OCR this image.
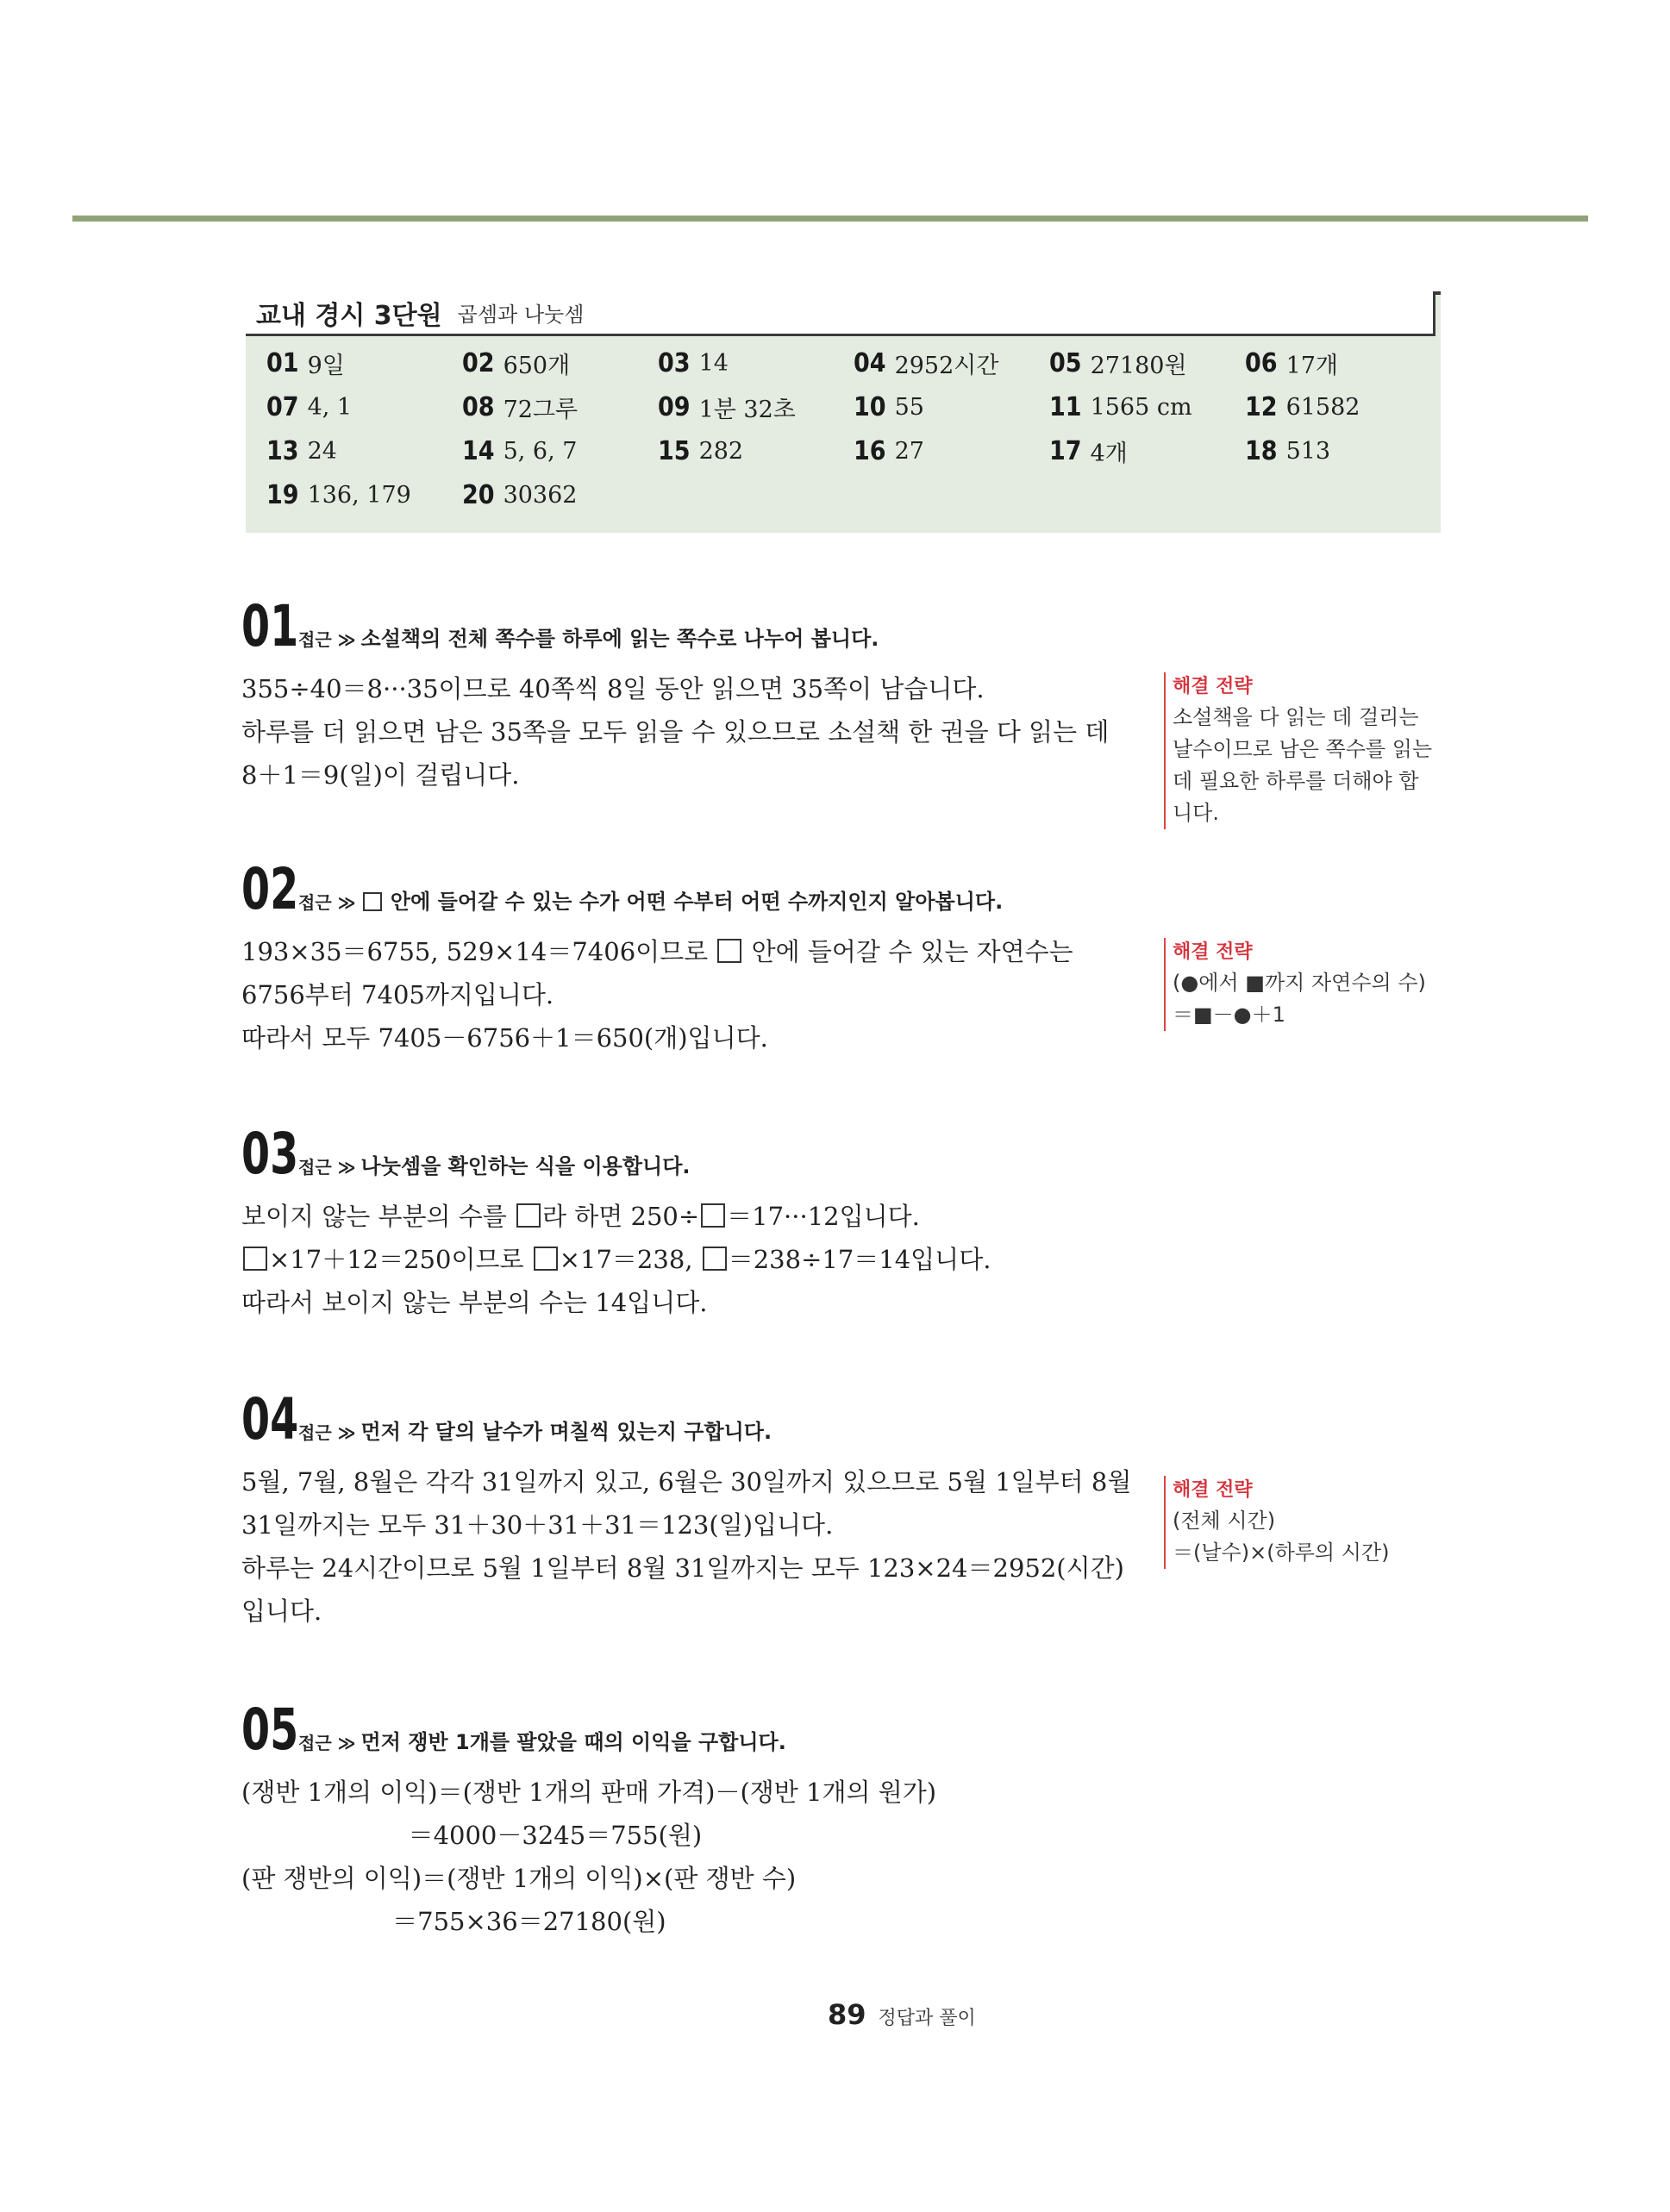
교내 경시 3단원 곱셈과 나눗셈
01 9일	02 650개	03 14	04 2952시간 05 27180원 06 17개
07 4, 1	08 72그루	09 1분 32초 10 55	11 1565 cm 12 61582
13 24	14 5, 6, 7	15 282	16 27	17 4개	18 513
19 136, 179 20 30362
01 접근 ≫ 소설책의 전체 쪽수를 하루에 읽는 쪽수로 나누어 봅니다.
355÷40＝8···35이므로 40쪽씩 8일 동안 읽으면 35쪽이 남습니다.
하루를 더 읽으면 남은 35쪽을 모두 읽을 수 있으므로 소설책 한 권을 다 읽는 데
8＋1＝9(일)이 걸립니다.
02 접근 ≫ 안에 들어갈 수 있는 수가 어떤 수부터 어떤 수까지인지 알아봅니다.
193×35＝6755, 529×14＝7406이므로  안에 들어갈 수 있는 자연수는
6756부터 7405까지입니다.
따라서 모두 7405－6756＋1＝650(개)입니다.
03 접근 ≫ 나눗셈을 확인하는 식을 이용합니다.
보이지 않는 부분의 수를 라 하면 250÷ ＝17···12입니다.
×17＋12＝250이므로 ×17＝238, ＝238÷17＝14입니다.
따라서 보이지 않는 부분의 수는 14입니다.
04 접근 ≫ 먼저 각 달의 날수가 며칠씩 있는지 구합니다.
5월, 7월, 8월은 각각 31일까지 있고, 6월은 30일까지 있으므로 5월 1일부터 8월
31일까지는 모두 31＋30＋31＋31＝123(일)입니다.
하루는 24시간이므로 5월 1일부터 8월 31일까지는 모두 123×24＝2952(시간)
입니다.
05 접근 ≫ 먼저 쟁반 1개를 팔았을 때의 이익을 구합니다.
(쟁반 1개의 이익)＝(쟁반 1개의 판매 가격)－(쟁반 1개의 원가)
＝4000－3245＝755(원)
(판 쟁반의 이익)＝(쟁반 1개의 이익)×(판 쟁반 수)
＝755×36＝27180(원)
해결 전략
소설책을 다 읽는 데 걸리는
날수이므로 남은 쪽수를 읽는
데 필요한 하루를 더해야 합
니다.
해결 전략
(●에서 ■까지 자연수의 수)
＝■－●＋1
해결 전략
(전체 시간)
＝(날수)×(하루의 시간)
89 정답과 풀이
